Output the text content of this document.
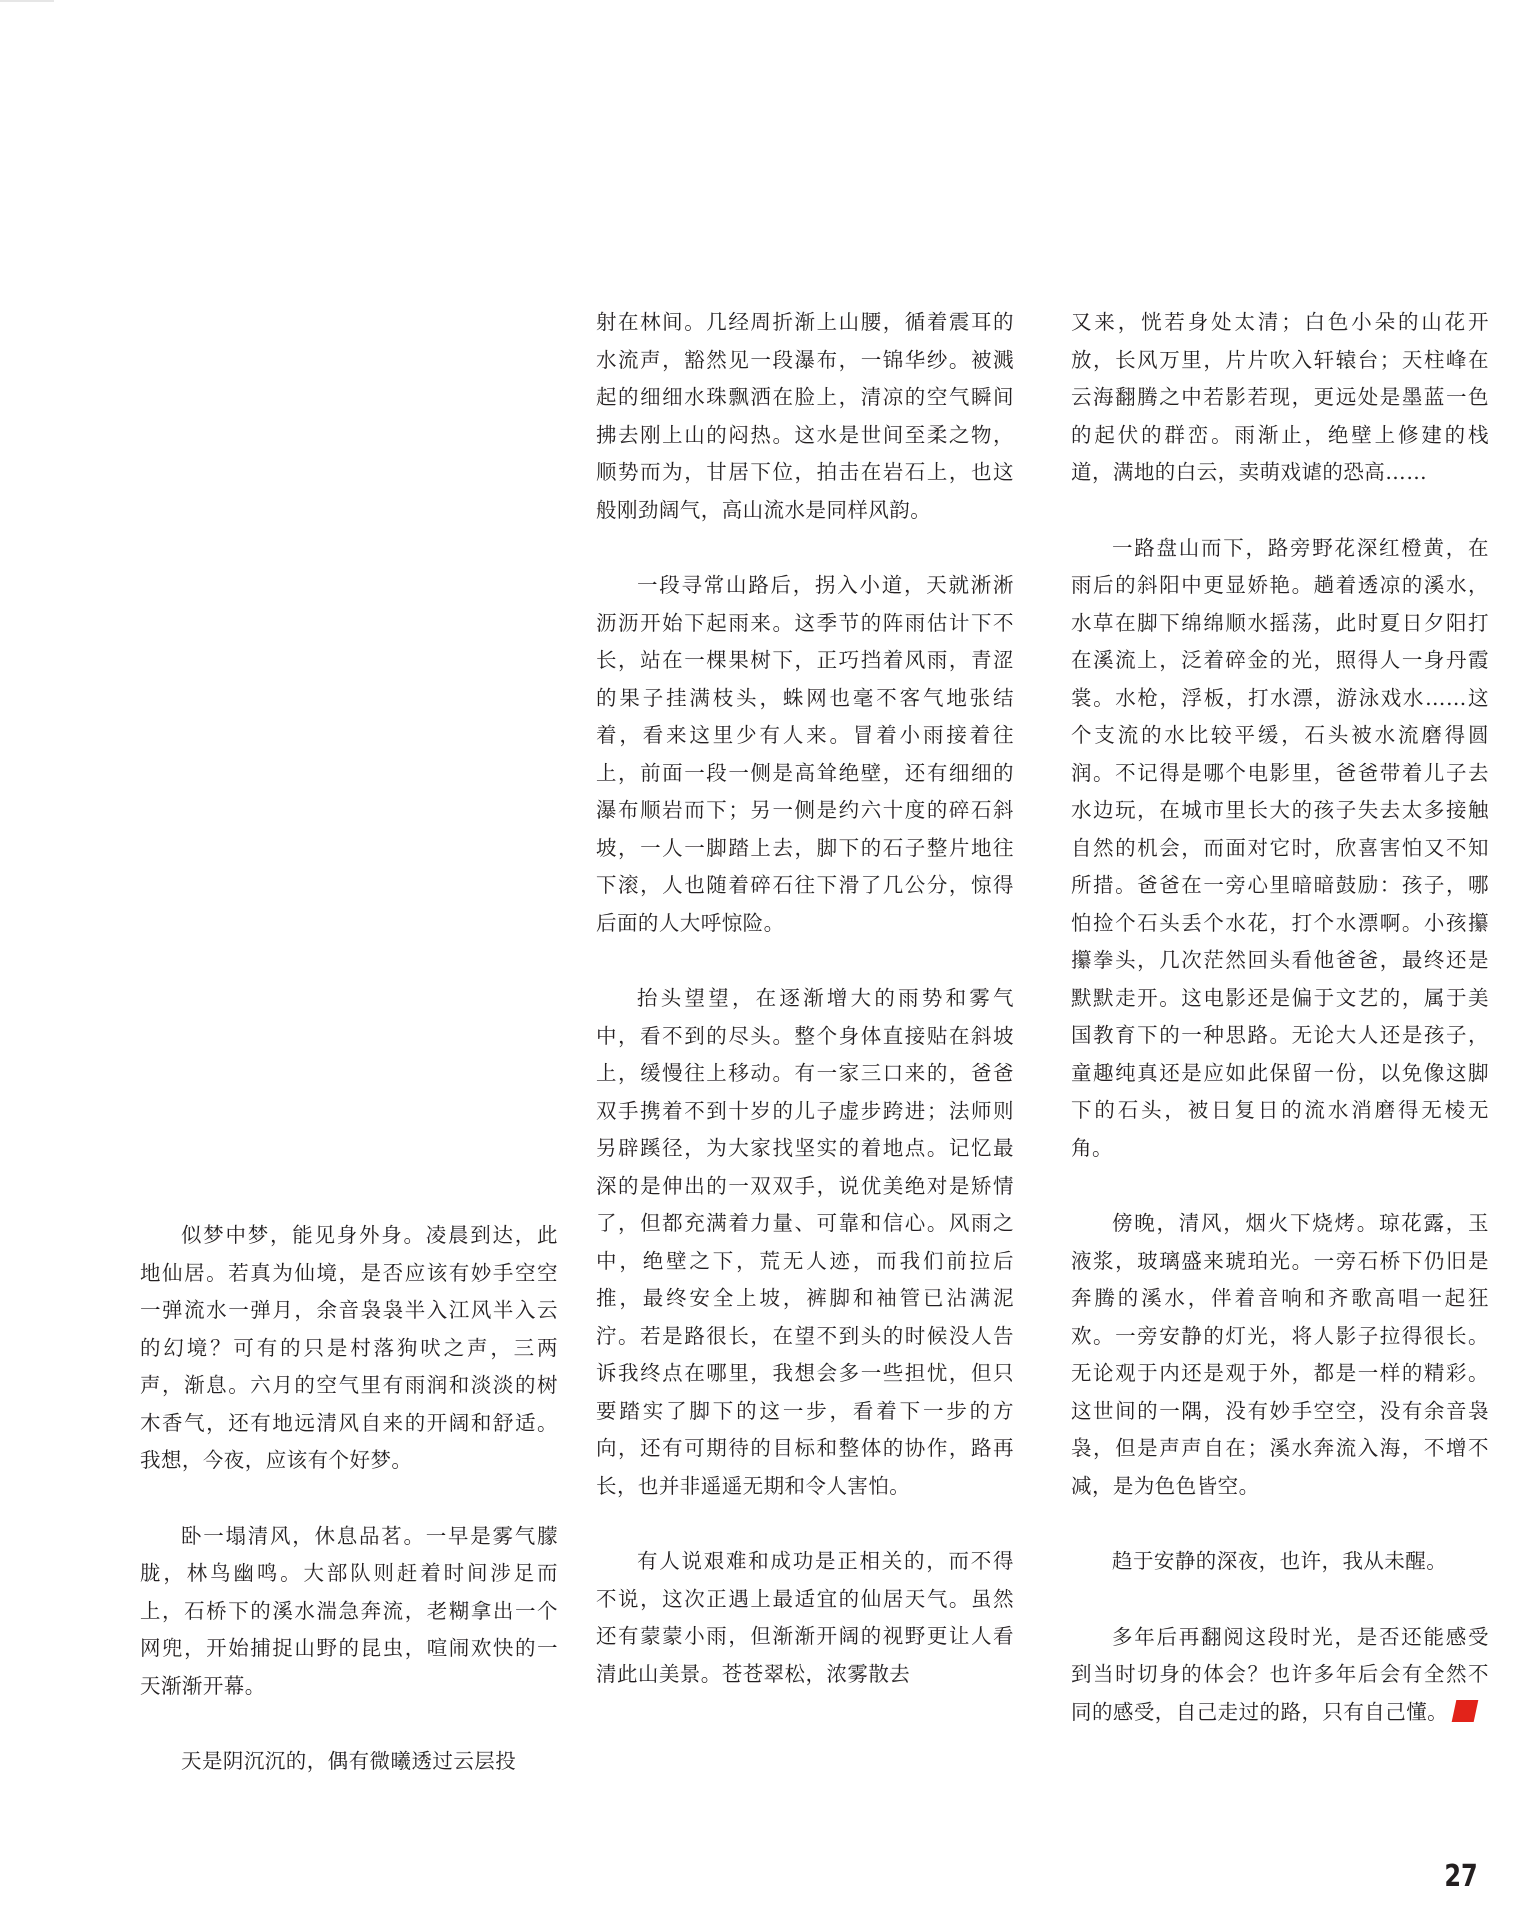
似梦中梦，能见身外身。凌晨到达，此地仙居。若真为仙境，是否应该有妙手空空一弹流水一弹月，余音袅袅半入江风半入云的幻境？可有的只是村落狗吠之声，三两声，渐息。六月的空气里有雨润和淡淡的树木香气，还有地远清风自来的开阔和舒适。我想，今夜，应该有个好梦。

卧一塌清风，休息品茗。一早是雾气朦胧，林鸟幽鸣。大部队则赶着时间涉足而上，石桥下的溪水湍急奔流，老糊拿出一个网兜，开始捕捉山野的昆虫，喧闹欢快的一天渐渐开幕。

天是阴沉沉的，偶有微曦透过云层投

射在林间。几经周折渐上山腰，循着震耳的水流声，豁然见一段瀑布，一锦华纱。被溅起的细细水珠飘洒在脸上，清凉的空气瞬间拂去刚上山的闷热。这水是世间至柔之物，顺势而为，甘居下位，拍击在岩石上，也这般刚劲阔气，高山流水是同样风韵。

一段寻常山路后，拐入小道，天就淅淅沥沥开始下起雨来。这季节的阵雨估计下不长，站在一棵果树下，正巧挡着风雨，青涩的果子挂满枝头，蛛网也毫不客气地张结着，看来这里少有人来。冒着小雨接着往上，前面一段一侧是高耸绝壁，还有细细的瀑布顺岩而下；另一侧是约六十度的碎石斜坡，一人一脚踏上去，脚下的石子整片地往下滚，人也随着碎石往下滑了几公分，惊得后面的人大呼惊险。

抬头望望，在逐渐增大的雨势和雾气中，看不到的尽头。整个身体直接贴在斜坡上，缓慢往上移动。有一家三口来的，爸爸双手携着不到十岁的儿子虚步跨进；法师则另辟蹊径，为大家找坚实的着地点。记忆最深的是伸出的一双双手，说优美绝对是矫情了，但都充满着力量、可靠和信心。风雨之中，绝壁之下，荒无人迹，而我们前拉后推，最终安全上坡，裤脚和袖管已沾满泥泞。若是路很长，在望不到头的时候没人告诉我终点在哪里，我想会多一些担忧，但只要踏实了脚下的这一步，看着下一步的方向，还有可期待的目标和整体的协作，路再长，也并非遥遥无期和令人害怕。

有人说艰难和成功是正相关的，而不得不说，这次正遇上最适宜的仙居天气。虽然还有蒙蒙小雨，但渐渐开阔的视野更让人看清此山美景。苍苍翠松，浓雾散去

又来，恍若身处太清；白色小朵的山花开放，长风万里，片片吹入轩辕台；天柱峰在云海翻腾之中若影若现，更远处是墨蓝一色的起伏的群峦。雨渐止，绝壁上修建的栈道，满地的白云，卖萌戏谑的恐高……

一路盘山而下，路旁野花深红橙黄，在雨后的斜阳中更显娇艳。趟着透凉的溪水，水草在脚下绵绵顺水摇荡，此时夏日夕阳打在溪流上，泛着碎金的光，照得人一身丹霞裳。水枪，浮板，打水漂，游泳戏水……这个支流的水比较平缓，石头被水流磨得圆润。不记得是哪个电影里，爸爸带着儿子去水边玩，在城市里长大的孩子失去太多接触自然的机会，而面对它时，欣喜害怕又不知所措。爸爸在一旁心里暗暗鼓励：孩子，哪怕捡个石头丢个水花，打个水漂啊。小孩攥攥拳头，几次茫然回头看他爸爸，最终还是默默走开。这电影还是偏于文艺的，属于美国教育下的一种思路。无论大人还是孩子，童趣纯真还是应如此保留一份，以免像这脚下的石头，被日复日的流水消磨得无棱无角。

傍晚，清风，烟火下烧烤。琼花露，玉液浆，玻璃盛来琥珀光。一旁石桥下仍旧是奔腾的溪水，伴着音响和齐歌高唱一起狂欢。一旁安静的灯光，将人影子拉得很长。无论观于内还是观于外，都是一样的精彩。这世间的一隅，没有妙手空空，没有余音袅袅，但是声声自在；溪水奔流入海，不增不减，是为色色皆空。

趋于安静的深夜，也许，我从未醒。

多年后再翻阅这段时光，是否还能感受到当时切身的体会？也许多年后会有全然不同的感受，自己走过的路，只有自己懂。	F

27
